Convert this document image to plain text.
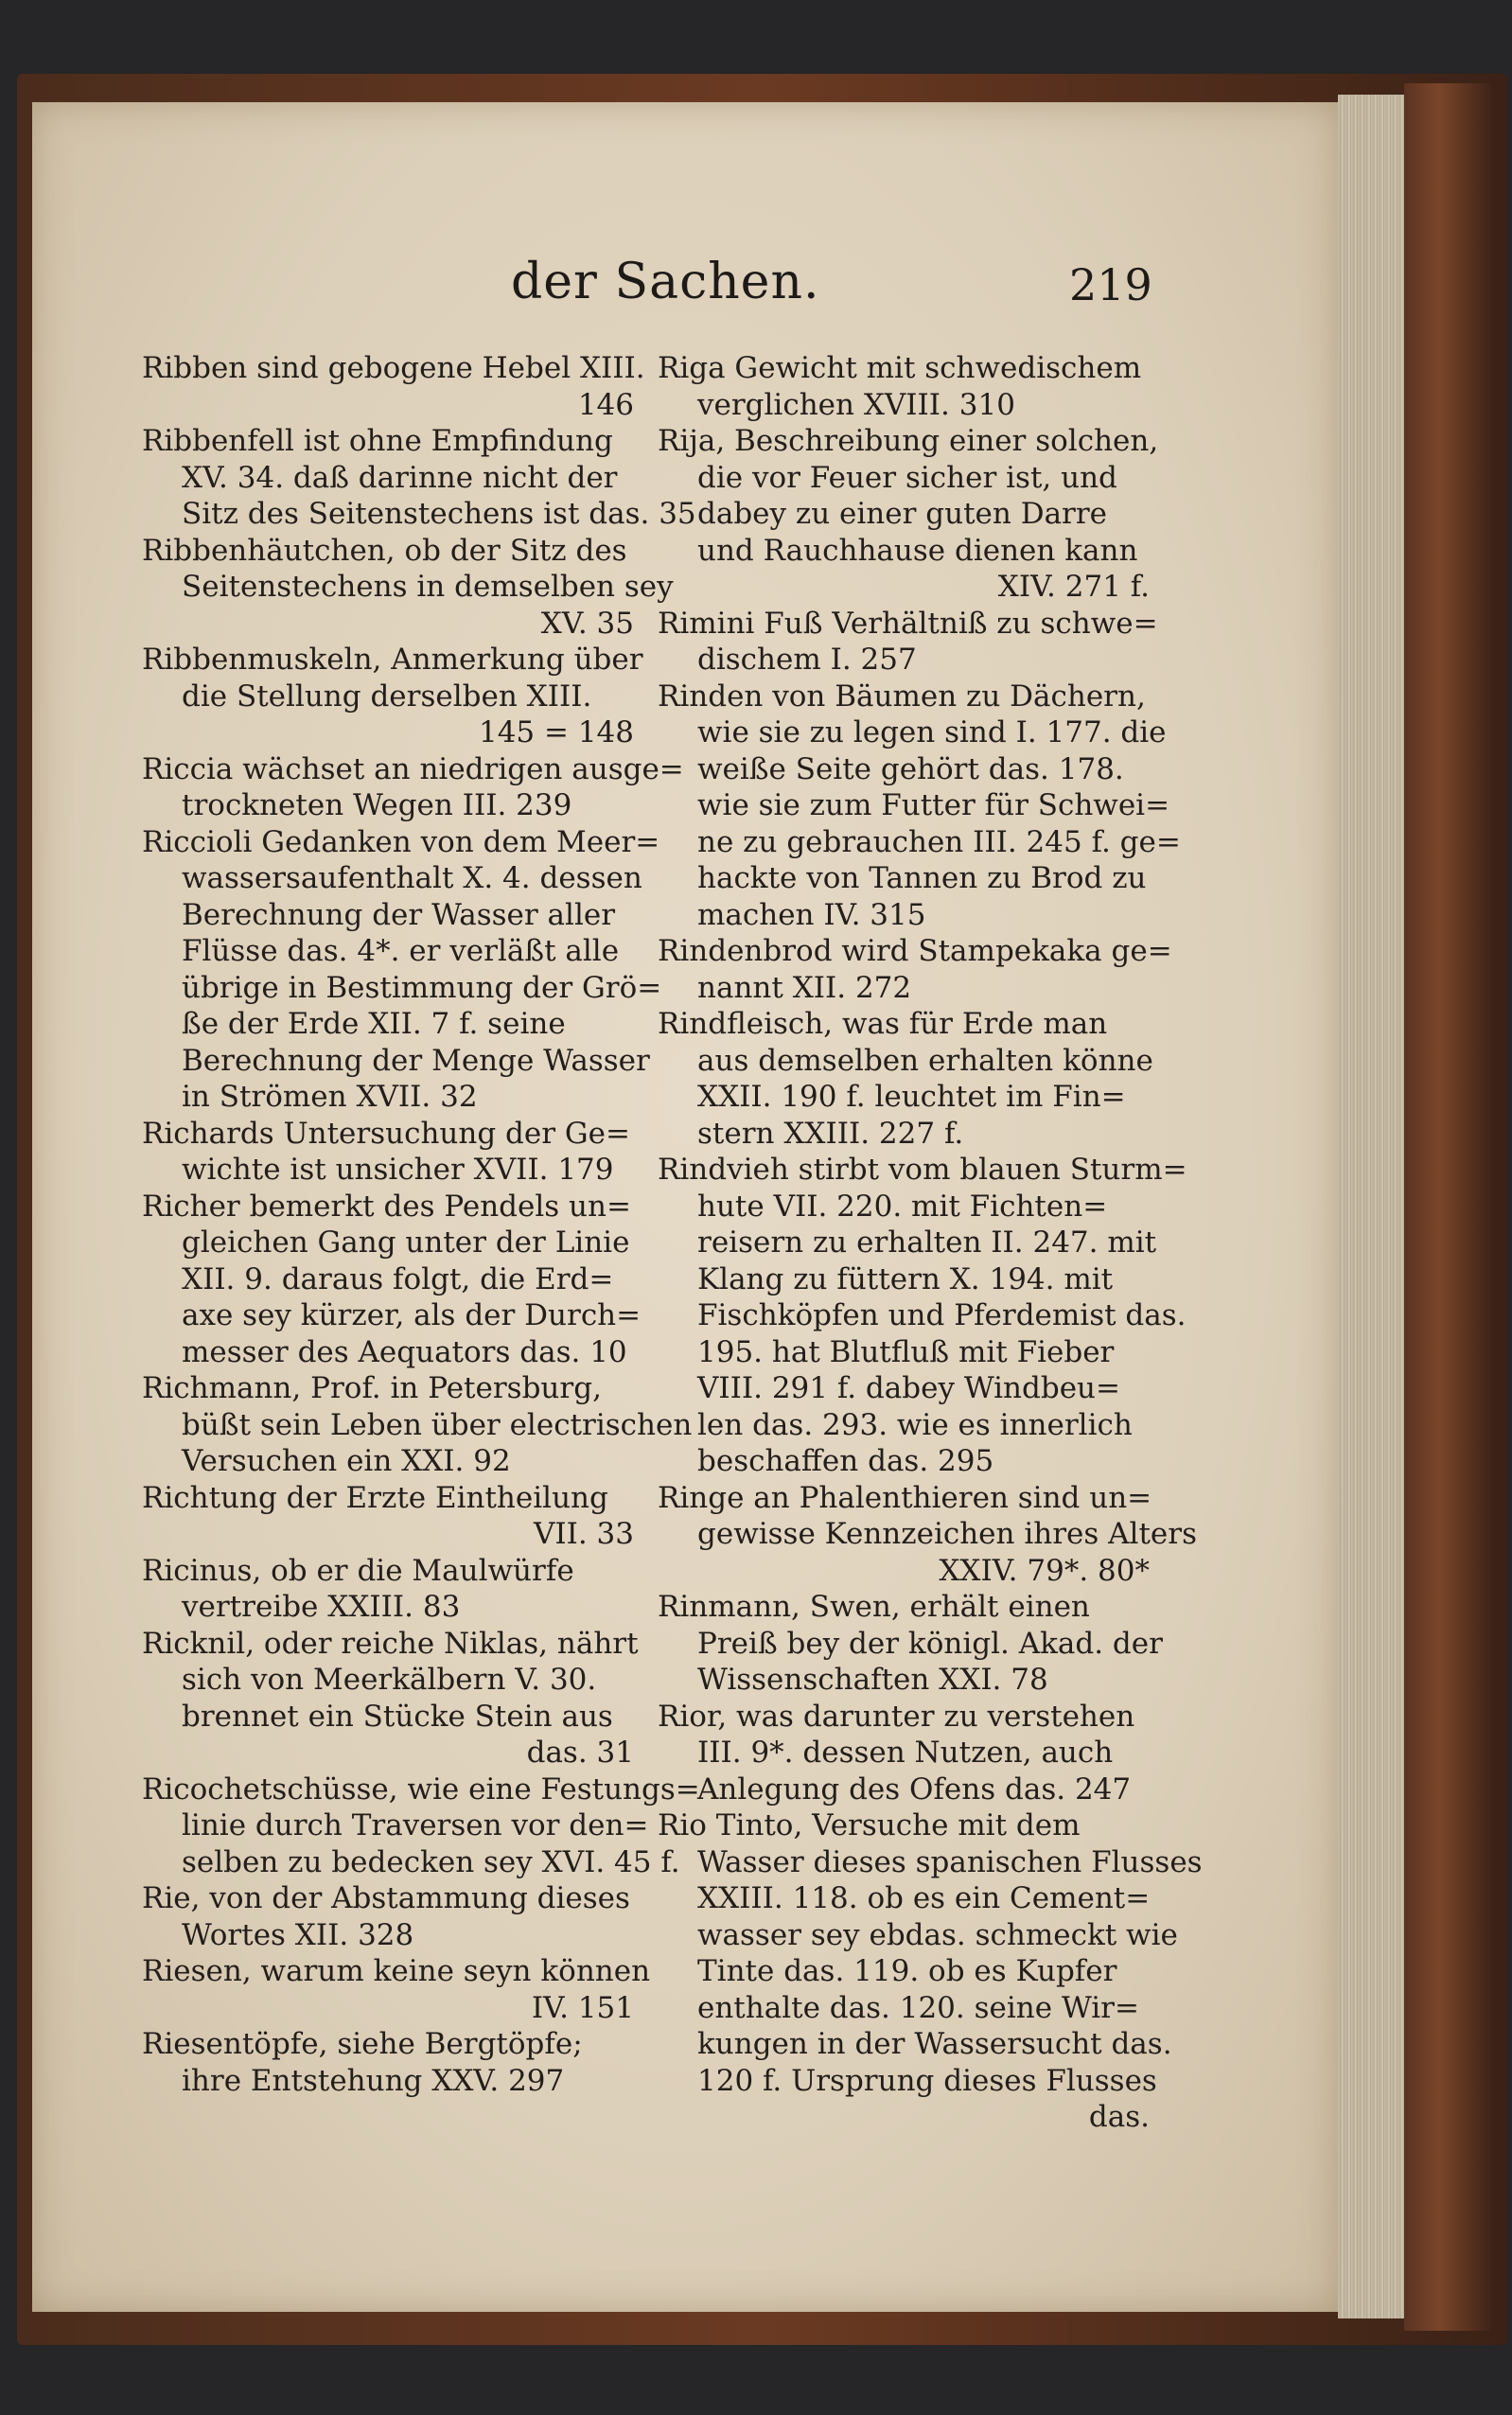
der Sachen.	219
Ribben sind gebogene Hebel XIII.
146
Ribbenfell ist ohne Empfindung
XV. 34. daß darinne nicht der
Sitz des Seitenstechens ist das. 35
Ribbenhäutchen, ob der Sitz des
Seitenstechens in demselben sey
XV. 35
Ribbenmuskeln, Anmerkung über
die Stellung derselben XIII.
145 = 148
Riccia wächset an niedrigen ausge=
trockneten Wegen III. 239
Riccioli Gedanken von dem Meer=
wassersaufenthalt X. 4. dessen
Berechnung der Wasser aller
Flüsse das. 4*. er verläßt alle
übrige in Bestimmung der Grö=
ße der Erde XII. 7 f. seine
Berechnung der Menge Wasser
in Strömen XVII. 32
Richards Untersuchung der Ge=
wichte ist unsicher XVII. 179
Richer bemerkt des Pendels un=
gleichen Gang unter der Linie
XII. 9. daraus folgt, die Erd=
axe sey kürzer, als der Durch=
messer des Aequators das. 10
Richmann, Prof. in Petersburg,
büßt sein Leben über electrischen
Versuchen ein XXI. 92
Richtung der Erzte Eintheilung
VII. 33
Ricinus, ob er die Maulwürfe
vertreibe XXIII. 83
Ricknil, oder reiche Niklas, nährt
sich von Meerkälbern V. 30.
brennet ein Stücke Stein aus
das. 31
Ricochetschüsse, wie eine Festungs=
linie durch Traversen vor den=
selben zu bedecken sey XVI. 45 f.
Rie, von der Abstammung dieses
Wortes XII. 328
Riesen, warum keine seyn können
IV. 151
Riesentöpfe, siehe Bergtöpfe;
ihre Entstehung XXV. 297
Riga Gewicht mit schwedischem
verglichen XVIII. 310
Rija, Beschreibung einer solchen,
die vor Feuer sicher ist, und
dabey zu einer guten Darre
und Rauchhause dienen kann
XIV. 271 f.
Rimini Fuß Verhältniß zu schwe=
dischem I. 257
Rinden von Bäumen zu Dächern,
wie sie zu legen sind I. 177. die
weiße Seite gehört das. 178.
wie sie zum Futter für Schwei=
ne zu gebrauchen III. 245 f. ge=
hackte von Tannen zu Brod zu
machen IV. 315
Rindenbrod wird Stampekaka ge=
nannt XII. 272
Rindfleisch, was für Erde man
aus demselben erhalten könne
XXII. 190 f. leuchtet im Fin=
stern XXIII. 227 f.
Rindvieh stirbt vom blauen Sturm=
hute VII. 220. mit Fichten=
reisern zu erhalten II. 247. mit
Klang zu füttern X. 194. mit
Fischköpfen und Pferdemist das.
195. hat Blutfluß mit Fieber
VIII. 291 f. dabey Windbeu=
len das. 293. wie es innerlich
beschaffen das. 295
Ringe an Phalenthieren sind un=
gewisse Kennzeichen ihres Alters
XXIV. 79*. 80*
Rinmann, Swen, erhält einen
Preiß bey der königl. Akad. der
Wissenschaften XXI. 78
Rior, was darunter zu verstehen
III. 9*. dessen Nutzen, auch
Anlegung des Ofens das. 247
Rio Tinto, Versuche mit dem
Wasser dieses spanischen Flusses
XXIII. 118. ob es ein Cement=
wasser sey ebdas. schmeckt wie
Tinte das. 119. ob es Kupfer
enthalte das. 120. seine Wir=
kungen in der Wassersucht das.
120 f. Ursprung dieses Flusses
das.
